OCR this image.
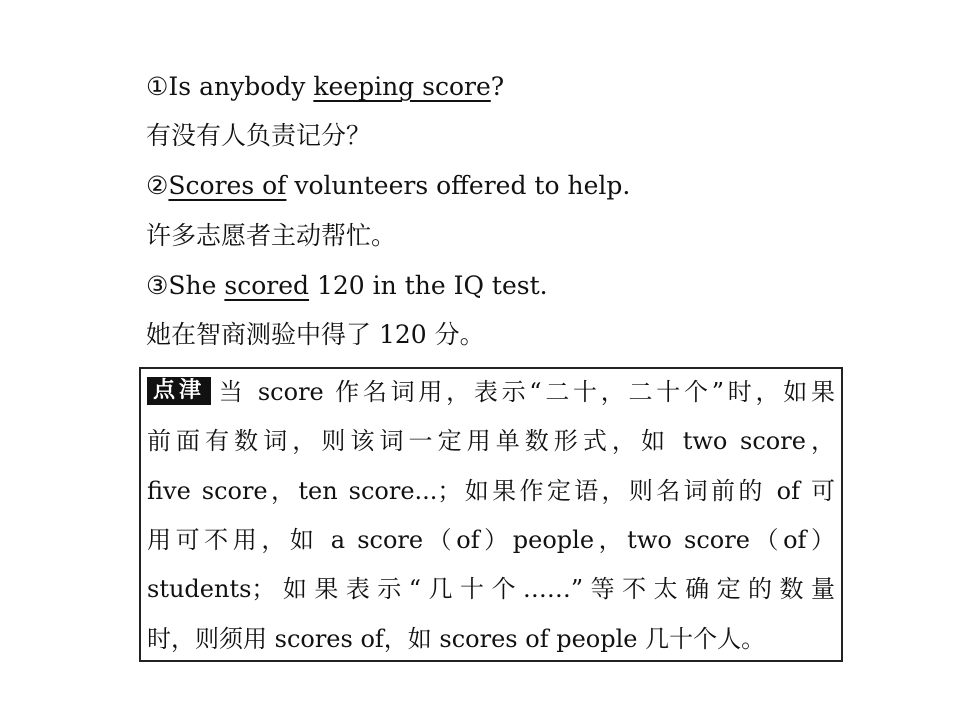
①Is anybody keeping score?
有没有人负责记分？
②Scores of volunteers offered to help.
许多志愿者主动帮忙。
③She scored 120 in the IQ test.
她在智商测验中得了 120 分。
点津 当 score 作名词用，表示“二十，二十个”时，如果
前面有数词，则该词一定用单数形式，如 two score，
five score，ten score...；如果作定语，则名词前的 of 可
用可不用，如 a score（of）people，two score（of）
students；如果表示“几十个……”等不太确定的数量
时，则须用 scores of，如 scores of people 几十个人。
